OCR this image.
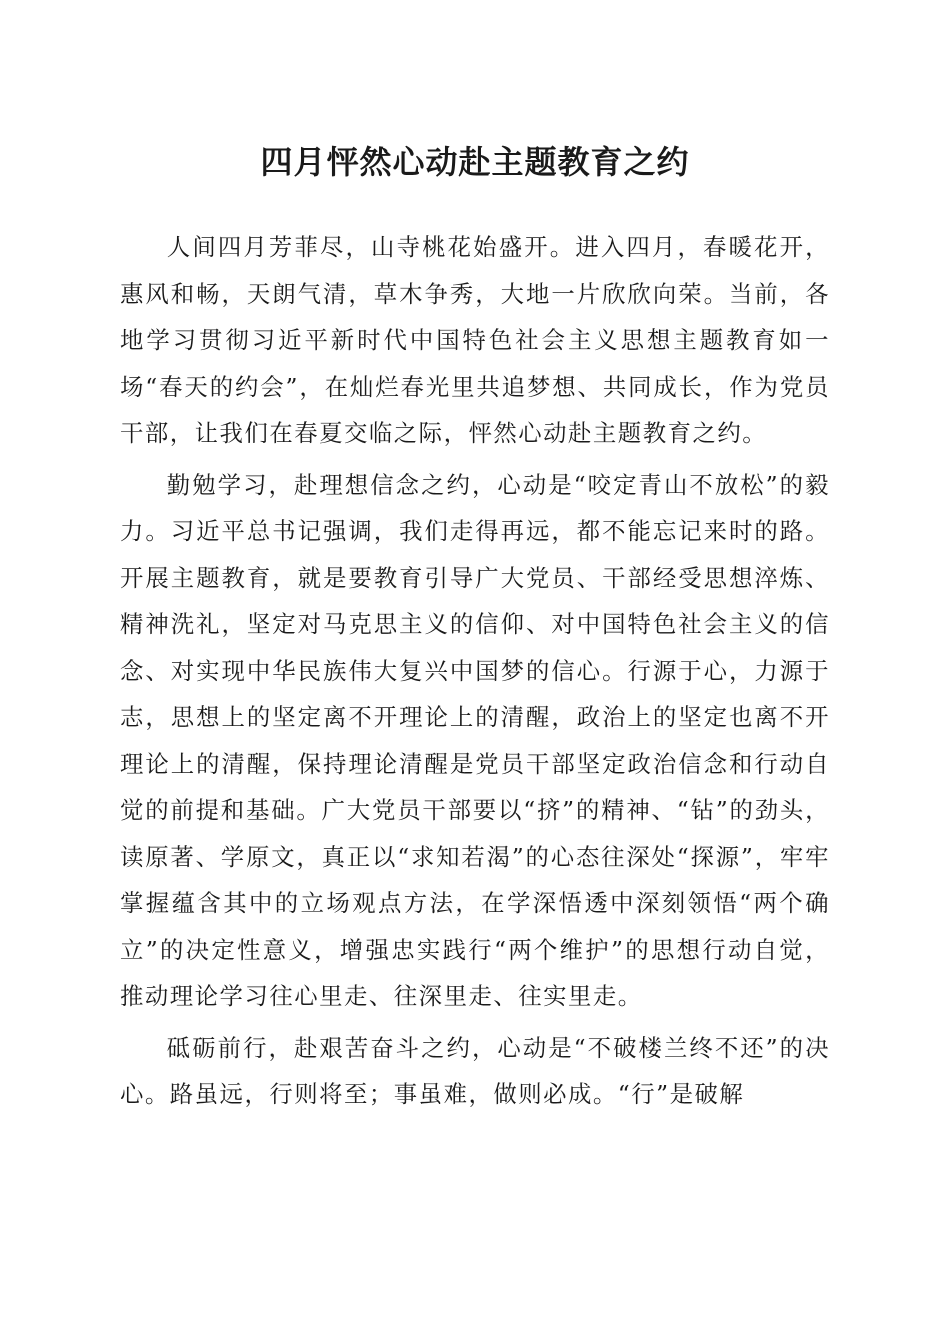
四月怦然心动赴主题教育之约

人间四月芳菲尽，山寺桃花始盛开。进入四月，春暖花开，惠风和畅，天朗气清，草木争秀，大地一片欣欣向荣。当前，各地学习贯彻习近平新时代中国特色社会主义思想主题教育如一场“春天的约会”，在灿烂春光里共追梦想、共同成长，作为党员干部，让我们在春夏交临之际，怦然心动赴主题教育之约。

勤勉学习，赴理想信念之约，心动是“咬定青山不放松”的毅力。习近平总书记强调，我们走得再远，都不能忘记来时的路。开展主题教育，就是要教育引导广大党员、干部经受思想淬炼、精神洗礼，坚定对马克思主义的信仰、对中国特色社会主义的信念、对实现中华民族伟大复兴中国梦的信心。行源于心，力源于志，思想上的坚定离不开理论上的清醒，政治上的坚定也离不开理论上的清醒，保持理论清醒是党员干部坚定政治信念和行动自觉的前提和基础。广大党员干部要以“挤”的精神、“钻”的劲头，读原著、学原文，真正以“求知若渴”的心态往深处“探源”，牢牢掌握蕴含其中的立场观点方法，在学深悟透中深刻领悟“两个确立”的决定性意义，增强忠实践行“两个维护”的思想行动自觉，推动理论学习往心里走、往深里走、往实里走。

砥砺前行，赴艰苦奋斗之约，心动是“不破楼兰终不还”的决心。路虽远，行则将至；事虽难，做则必成。“行”是破解
